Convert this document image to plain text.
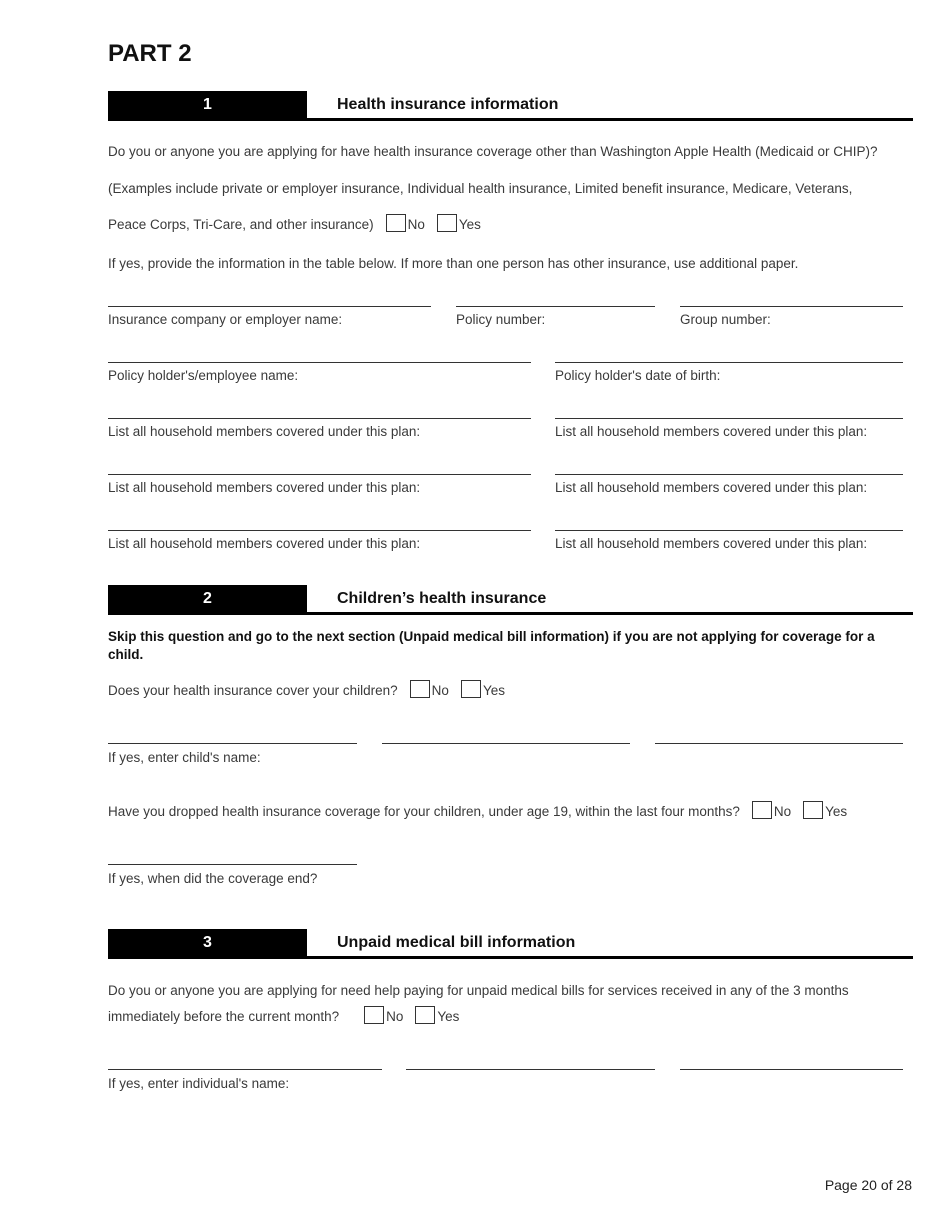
PART 2
1	Health insurance information
Do you or anyone you are applying for have health insurance coverage other than Washington Apple Health (Medicaid or CHIP)?
(Examples include private or employer insurance, Individual health insurance, Limited benefit insurance, Medicare, Veterans,
Peace Corps, Tri-Care, and other insurance)	No	Yes
If yes, provide the information in the table below. If more than one person has other insurance, use additional paper.
Insurance company or employer name:	Policy number:	Group number:
Policy holder's/employee name:	Policy holder's date of birth:
List all household members covered under this plan:	List all household members covered under this plan:
List all household members covered under this plan:	List all household members covered under this plan:
List all household members covered under this plan:	List all household members covered under this plan:
2	Children’s health insurance
Skip this question and go to the next section (Unpaid medical bill information) if you are not applying for coverage for a child.
Does your health insurance cover your children?	No	Yes
If yes, enter child's name:
Have you dropped health insurance coverage for your children, under age 19, within the last four months?	No	Yes
If yes, when did the coverage end?
3	Unpaid medical bill information
Do you or anyone you are applying for need help paying for unpaid medical bills for services received in any of the 3 months
immediately before the current month?	No	Yes
If yes, enter individual's name:
Page 20 of 28
